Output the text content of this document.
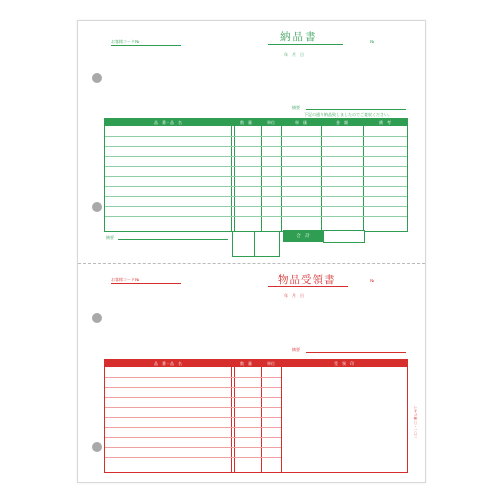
お客様コード№	納品書	№
年　月　日
摘要
下記の通り納品致しましたのでご査収ください。
品　番・品　名	数　量	単位	単　価	金　額	備　考
摘要	合　計
お客様コード№	物品受領書	№
年　月　日
摘要
品　番・品　名	数　量	単位	受　領　印
ヒサゴ㈱ 〇・一〇二
